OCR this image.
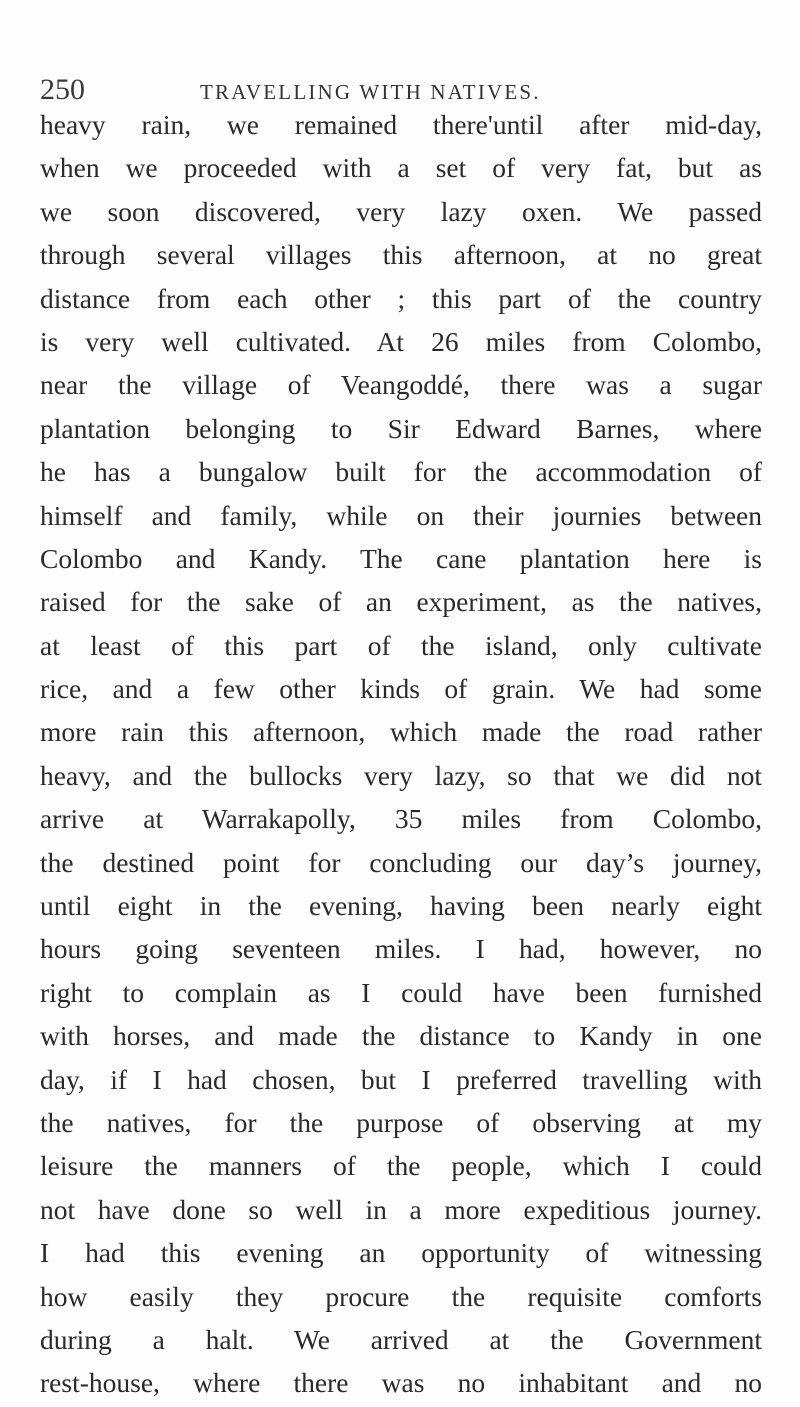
250	TRAVELLING WITH NATIVES.
heavy rain, we remained there'until after mid-day,
when we proceeded with a set of very fat, but as
we soon discovered, very lazy oxen. We passed
through several villages this afternoon, at no great
distance from each other ; this part of the country
is very well cultivated. At 26 miles from Colombo,
near the village of Veangoddé, there was a sugar
plantation belonging to Sir Edward Barnes, where
he has a bungalow built for the accommodation of
himself and family, while on their journies between
Colombo and Kandy. The cane plantation here is
raised for the sake of an experiment, as the natives,
at least of this part of the island, only cultivate
rice, and a few other kinds of grain. We had some
more rain this afternoon, which made the road rather
heavy, and the bullocks very lazy, so that we did not
arrive at Warrakapolly, 35 miles from Colombo,
the destined point for concluding our day’s journey,
until eight in the evening, having been nearly eight
hours going seventeen miles. I had, however, no
right to complain as I could have been furnished
with horses, and made the distance to Kandy in one
day, if I had chosen, but I preferred travelling with
the natives, for the purpose of observing at my
leisure the manners of the people, which I could
not have done so well in a more expeditious journey.
I had this evening an opportunity of witnessing
how easily they procure the requisite comforts
during a halt. We arrived at the Government
rest-house, where there was no inhabitant and no
